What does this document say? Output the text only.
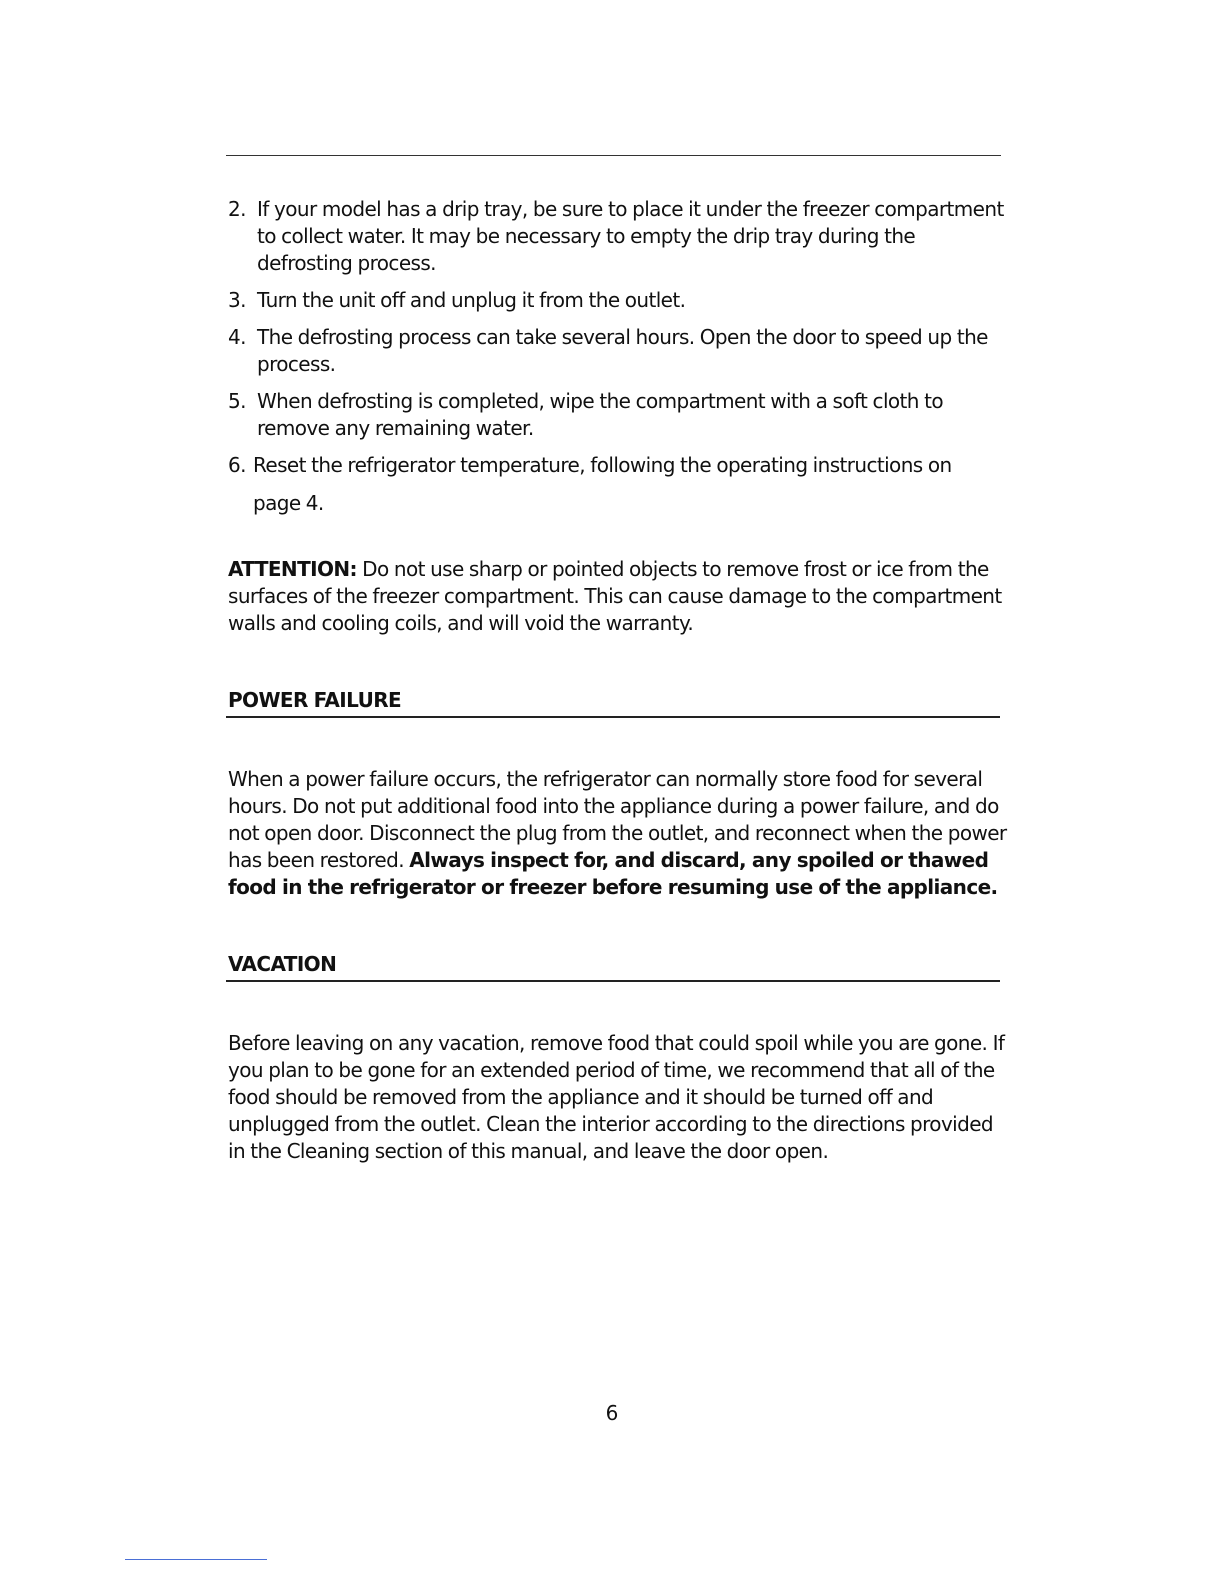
2. If your model has a drip tray, be sure to place it under the freezer compartment to collect water. It may be necessary to empty the drip tray during the defrosting process.
3. Turn the unit off and unplug it from the outlet.
4. The defrosting process can take several hours. Open the door to speed up the process.
5. When defrosting is completed, wipe the compartment with a soft cloth to remove any remaining water.
6. Reset the refrigerator temperature, following the operating instructions on
page 4.

ATTENTION: Do not use sharp or pointed objects to remove frost or ice from the surfaces of the freezer compartment. This can cause damage to the compartment walls and cooling coils, and will void the warranty.

POWER FAILURE

When a power failure occurs, the refrigerator can normally store food for several hours. Do not put additional food into the appliance during a power failure, and do not open door. Disconnect the plug from the outlet, and reconnect when the power has been restored. Always inspect for, and discard, any spoiled or thawed food in the refrigerator or freezer before resuming use of the appliance.

VACATION

Before leaving on any vacation, remove food that could spoil while you are gone. If you plan to be gone for an extended period of time, we recommend that all of the food should be removed from the appliance and it should be turned off and unplugged from the outlet. Clean the interior according to the directions provided in the Cleaning section of this manual, and leave the door open.

6
